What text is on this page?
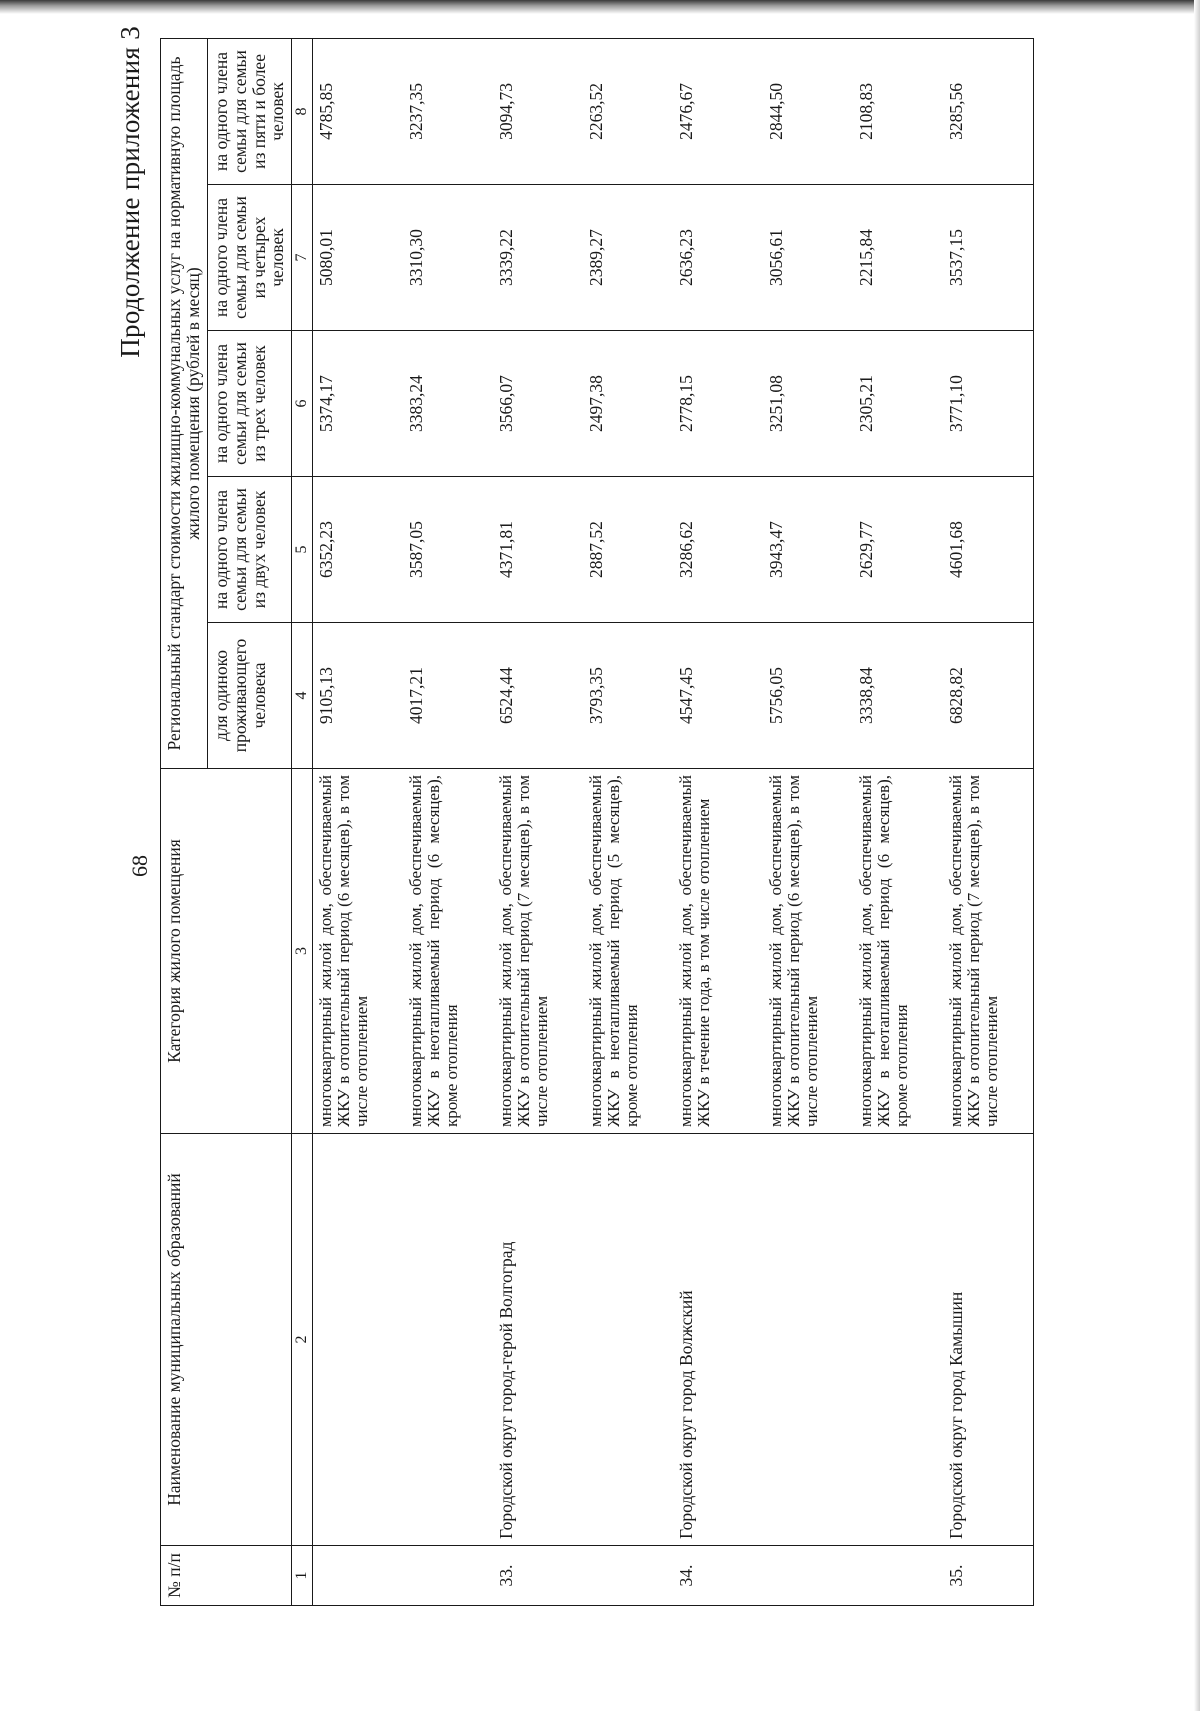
68
Продолжение приложения 3
№ п/п	Наименование муниципальных образований	Категория жилого помещения	Региональный стандарт стоимости жилищно-коммунальных услуг на нормативную площадь жилого помещения (рублей в месяц)				
			для одиноко проживающего человека	на одного члена семьи для семьи из двух человек	на одного члена семьи для семьи из трех человек	на одного члена семьи для семьи из четырех человек	на одного члена семьи для семьи из пяти и более человек
1	2	3	4	5	6	7	8
		многоквартирный жилой дом, обеспечиваемый ЖКУ в отопительный период (6 месяцев), в том числе отоплением	9105,13	6352,23	5374,17	5080,01	4785,85
		многоквартирный жилой дом, обеспечиваемый ЖКУ в неотапливаемый период (6 месяцев), кроме отопления	4017,21	3587,05	3383,24	3310,30	3237,35
33.	Городской округ город-герой Волгоград	многоквартирный жилой дом, обеспечиваемый ЖКУ в отопительный период (7 месяцев), в том числе отоплением	6524,44	4371,81	3566,07	3339,22	3094,73
		многоквартирный жилой дом, обеспечиваемый ЖКУ в неотапливаемый период (5 месяцев), кроме отопления	3793,35	2887,52	2497,38	2389,27	2263,52
34.	Городской округ город Волжский	многоквартирный жилой дом, обеспечиваемый ЖКУ в течение года, в том числе отоплением	4547,45	3286,62	2778,15	2636,23	2476,67
		многоквартирный жилой дом, обеспечиваемый ЖКУ в отопительный период (6 месяцев), в том числе отоплением	5756,05	3943,47	3251,08	3056,61	2844,50
		многоквартирный жилой дом, обеспечиваемый ЖКУ в неотапливаемый период (6 месяцев), кроме отопления	3338,84	2629,77	2305,21	2215,84	2108,83
35.	Городской округ город Камышин	многоквартирный жилой дом, обеспечиваемый ЖКУ в отопительный период (7 месяцев), в том числе отоплением	6828,82	4601,68	3771,10	3537,15	3285,56
